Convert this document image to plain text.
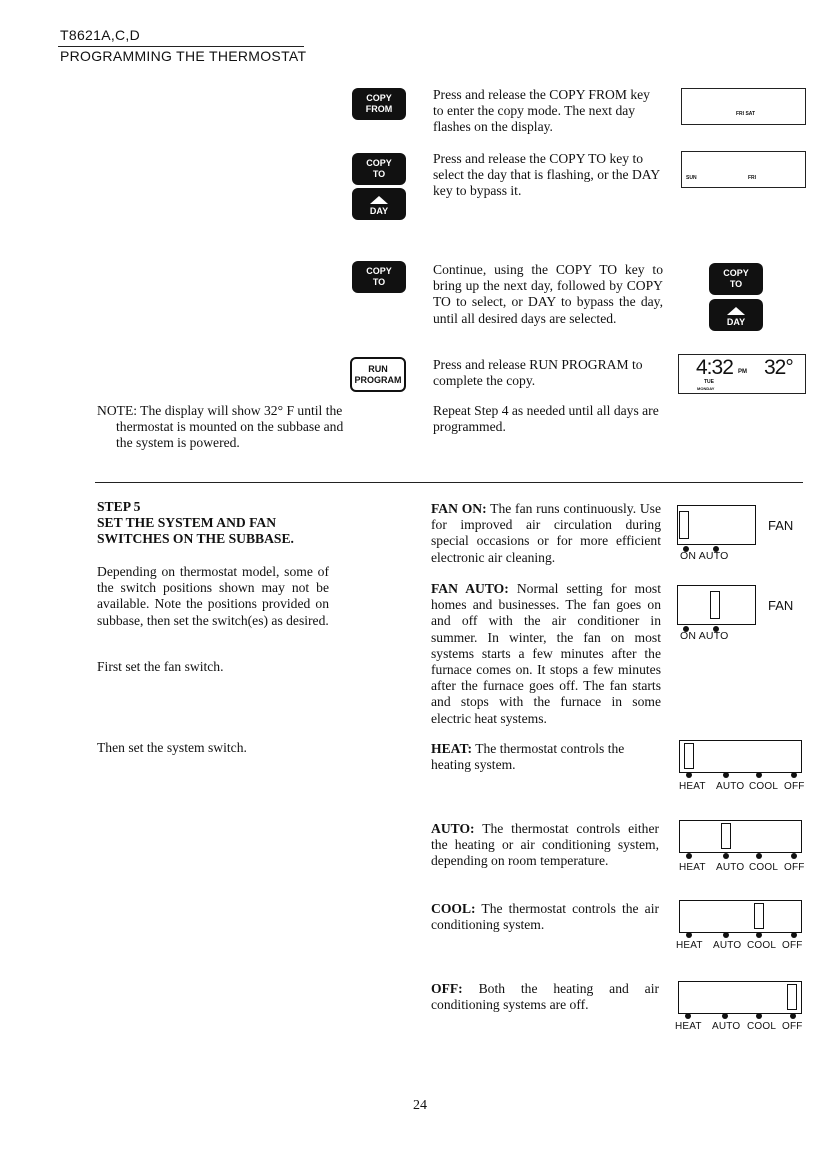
T8621A,C,D
PROGRAMMING THE THERMOSTAT
COPY
FROM
Press and release the COPY FROM key to enter the copy mode. The next day flashes on the display.
FRI SAT
COPY
TO
DAY
Press and release the COPY TO key to select the day that is flashing, or the DAY key to bypass it.
SUN	FRI
COPY
TO
Continue, using the COPY TO key to bring up the next day, followed by COPY TO to select, or DAY to bypass the day, until all desired days are selected.
COPY
TO
DAY
RUN
PROGRAM
Press and release RUN PROGRAM to complete the copy.
4:32 PM 32°
TUE
MONDAY
NOTE: The display will show 32° F until the thermostat is mounted on the subbase and the system is powered.
Repeat Step 4 as needed until all days are programmed.
STEP 5
SET THE SYSTEM AND FAN SWITCHES ON THE SUBBASE.
Depending on thermostat model, some of the switch positions shown may not be available. Note the positions provided on subbase, then set the switch(es) as desired.
First set the fan switch.
Then set the system switch.
FAN ON: The fan runs continuously. Use for improved air circulation during special occasions or for more efficient electronic air cleaning.	ON AUTO
FAN
FAN AUTO: Normal setting for most homes and businesses. The fan goes on and off with the air conditioner in summer. In winter, the fan on most systems starts a few minutes after the furnace comes on. It stops a few minutes after the furnace goes off. The fan starts and stops with the furnace in some electric heat systems.
ON AUTO
FAN
HEAT: The thermostat controls the heating system.
HEAT AUTO COOL OFF
AUTO: The thermostat controls either the heating or air conditioning system, depending on room temperature.	HEAT AUTO COOL OFF
COOL: The thermostat controls the air conditioning system.
HEAT AUTO COOL OFF
OFF: Both the heating and air conditioning systems are off.
HEAT AUTO COOL OFF
24
